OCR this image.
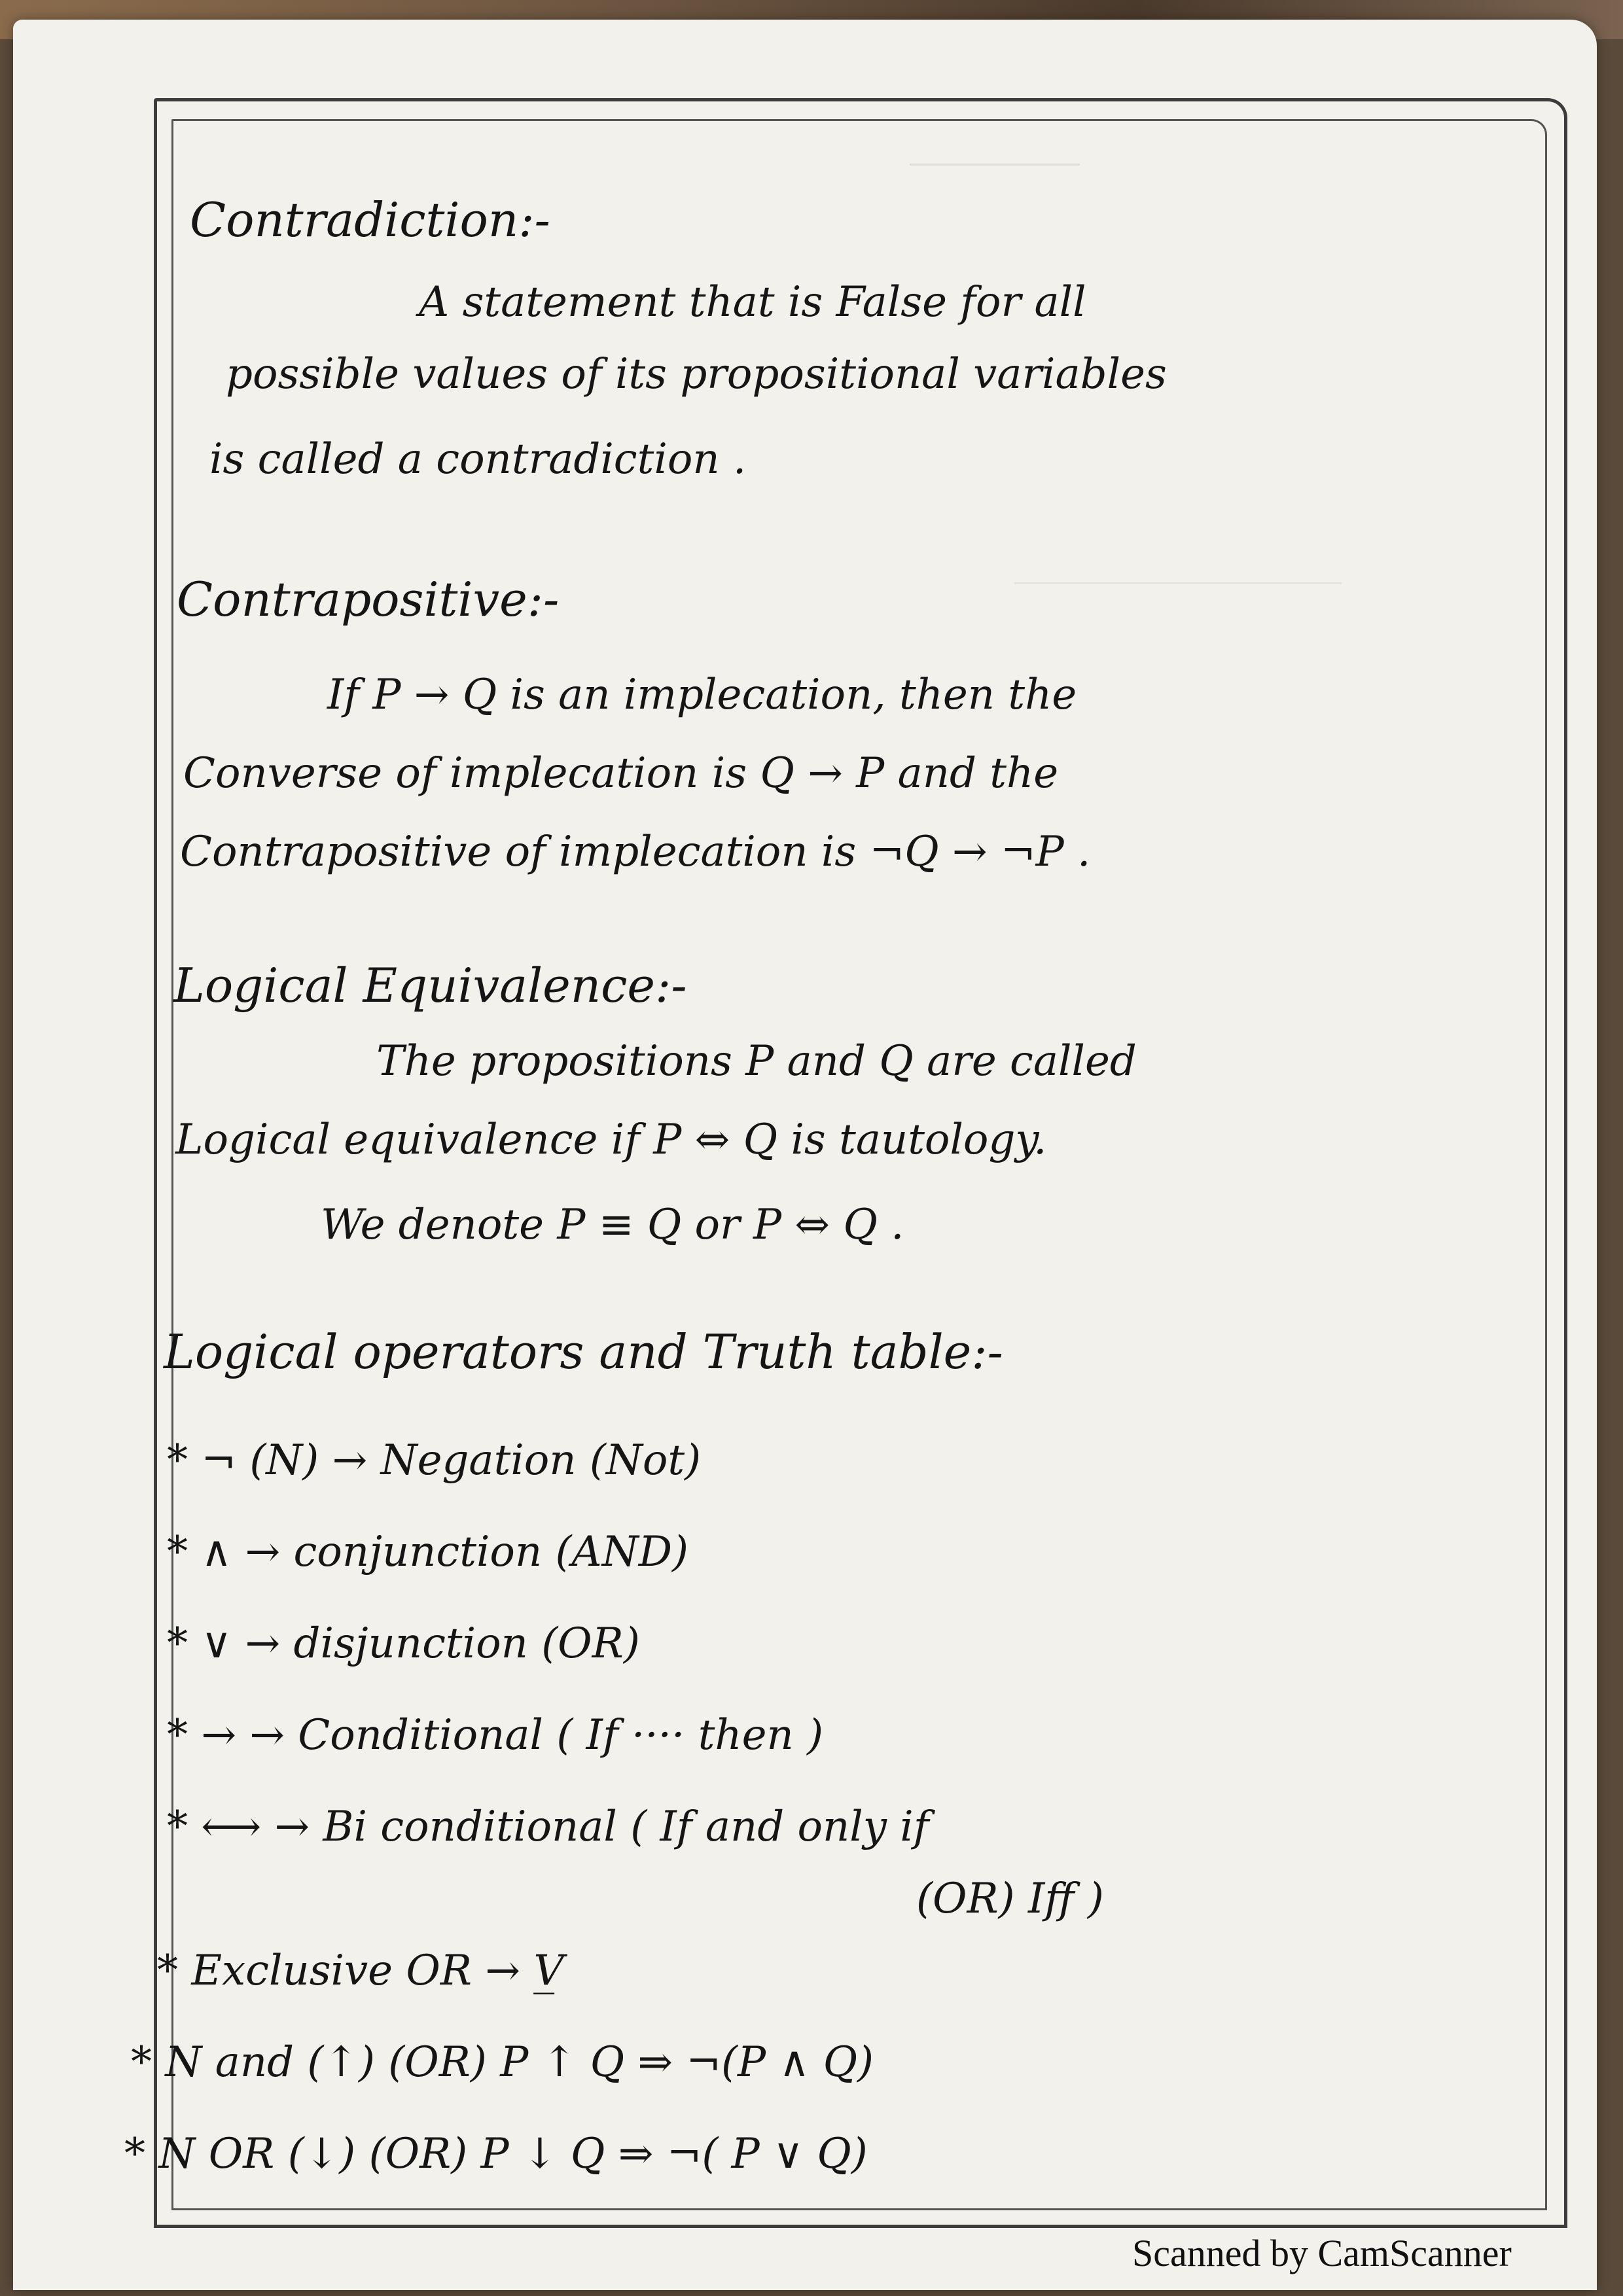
Contradiction:-

A statement that is False for all

possible values of its propositional variables

is called a contradiction .

Contrapositive:-

If P → Q is an implecation, then the

Converse of implecation is Q → P and the

Contrapositive of implecation is ¬Q → ¬P .

Logical Equivalence:-

The propositions P and Q are called

Logical equivalence if P ⇔ Q is tautology.

We denote P ≡ Q or P ⇔ Q .

Logical operators and Truth table:-

* ¬ (N) → Negation (Not)

* ∧ → conjunction (AND)

* ∨ → disjunction (OR)

* → → Conditional ( If ···· then )

* ⟷ → Bi conditional ( If and only if

(OR) Iff )

* Exclusive OR → V̲

* N and (↑) (OR) P ↑ Q ⇒ ¬(P ∧ Q)

* N OR (↓) (OR) P ↓ Q ⇒ ¬( P ∨ Q)

Scanned by CamScanner
